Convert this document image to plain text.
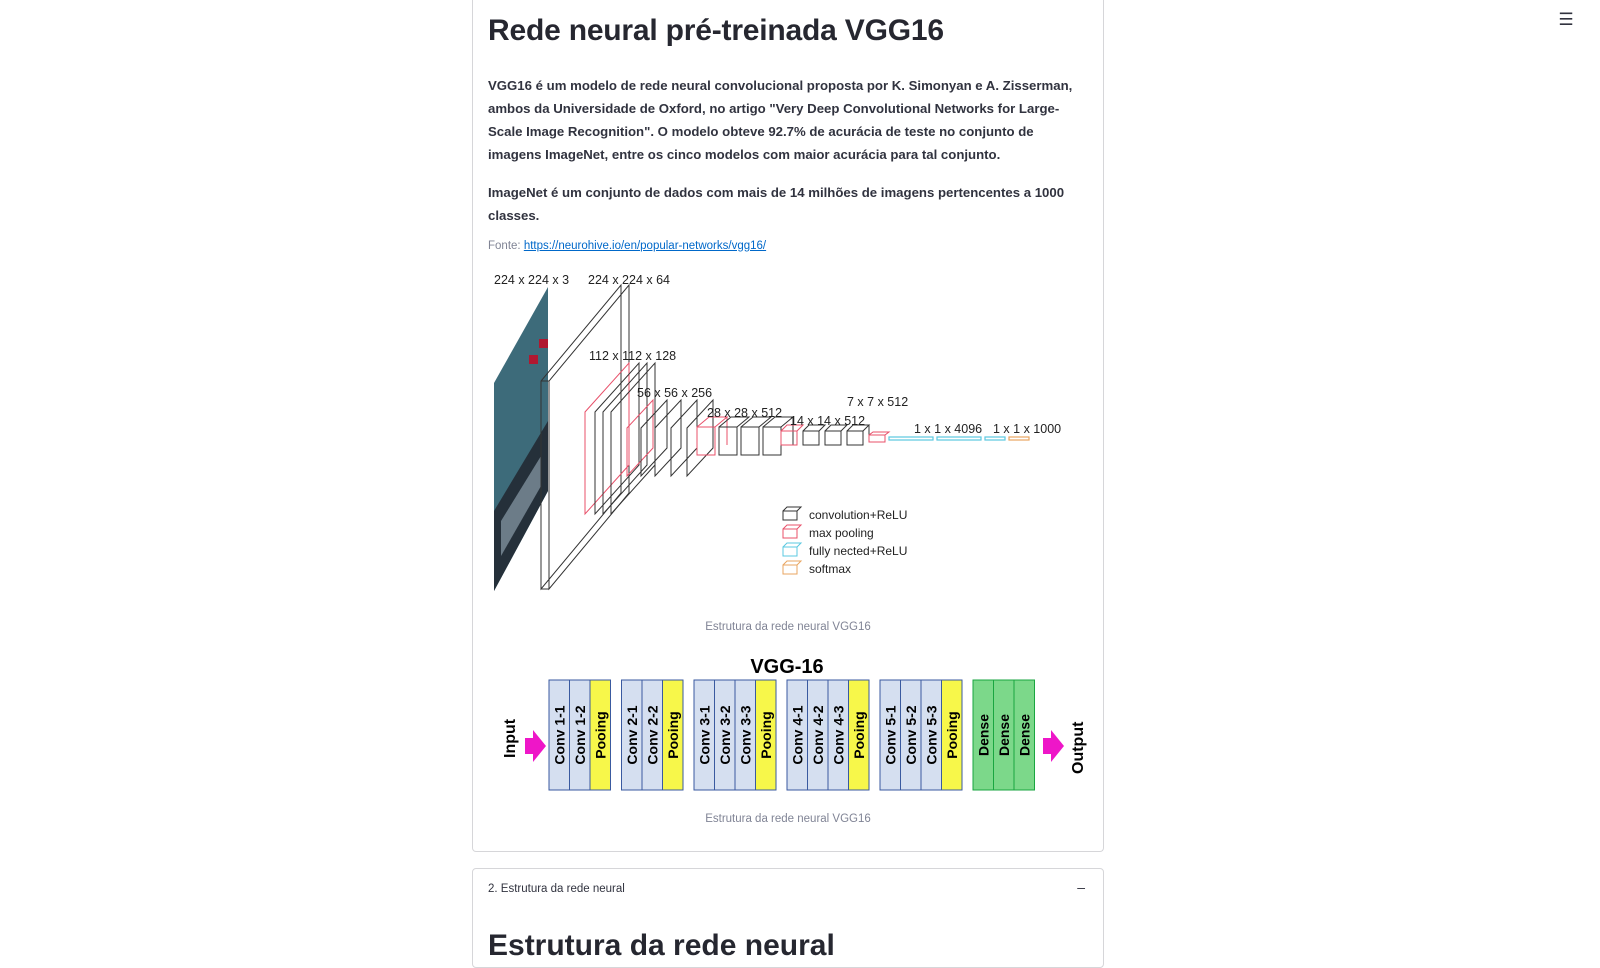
☰
Rede neural pré-treinada VGG16

VGG16 é um modelo de rede neural convolucional proposta por K. Simonyan e A. Zisserman, ambos da Universidade de Oxford, no artigo "Very Deep Convolutional Networks for Large-Scale Image Recognition". O modelo obteve 92.7% de acurácia de teste no conjunto de imagens ImageNet, entre os cinco modelos com maior acurácia para tal conjunto.

ImageNet é um conjunto de dados com mais de 14 milhões de imagens pertencentes a 1000 classes.

Fonte: https://neurohive.io/en/popular-networks/vgg16/
224 x 224 x 3 224 x 224 x 64
112 x 112 x 128
56 x 56 x 256
28 x 28 x 512
14 x 14 x 512
7 x 7 x 512
1 x 1 x 4096 1 x 1 x 1000
convolution+ReLU
max pooling
fully nected+ReLU
softmax
Estrutura da rede neural VGG16
VGG-16
Input Conv 1-1 Conv 1-2 Pooing Conv 2-1 Conv 2-2 Pooing Conv 3-1 Conv 3-2 Conv 3-3 Pooing Conv 4-1 Conv 4-2 Conv 4-3 Pooing Conv 5-1 Conv 5-2 Conv 5-3 Pooing Dense Dense Dense Output
Estrutura da rede neural VGG16
2. Estrutura da rede neural	–
Estrutura da rede neural
